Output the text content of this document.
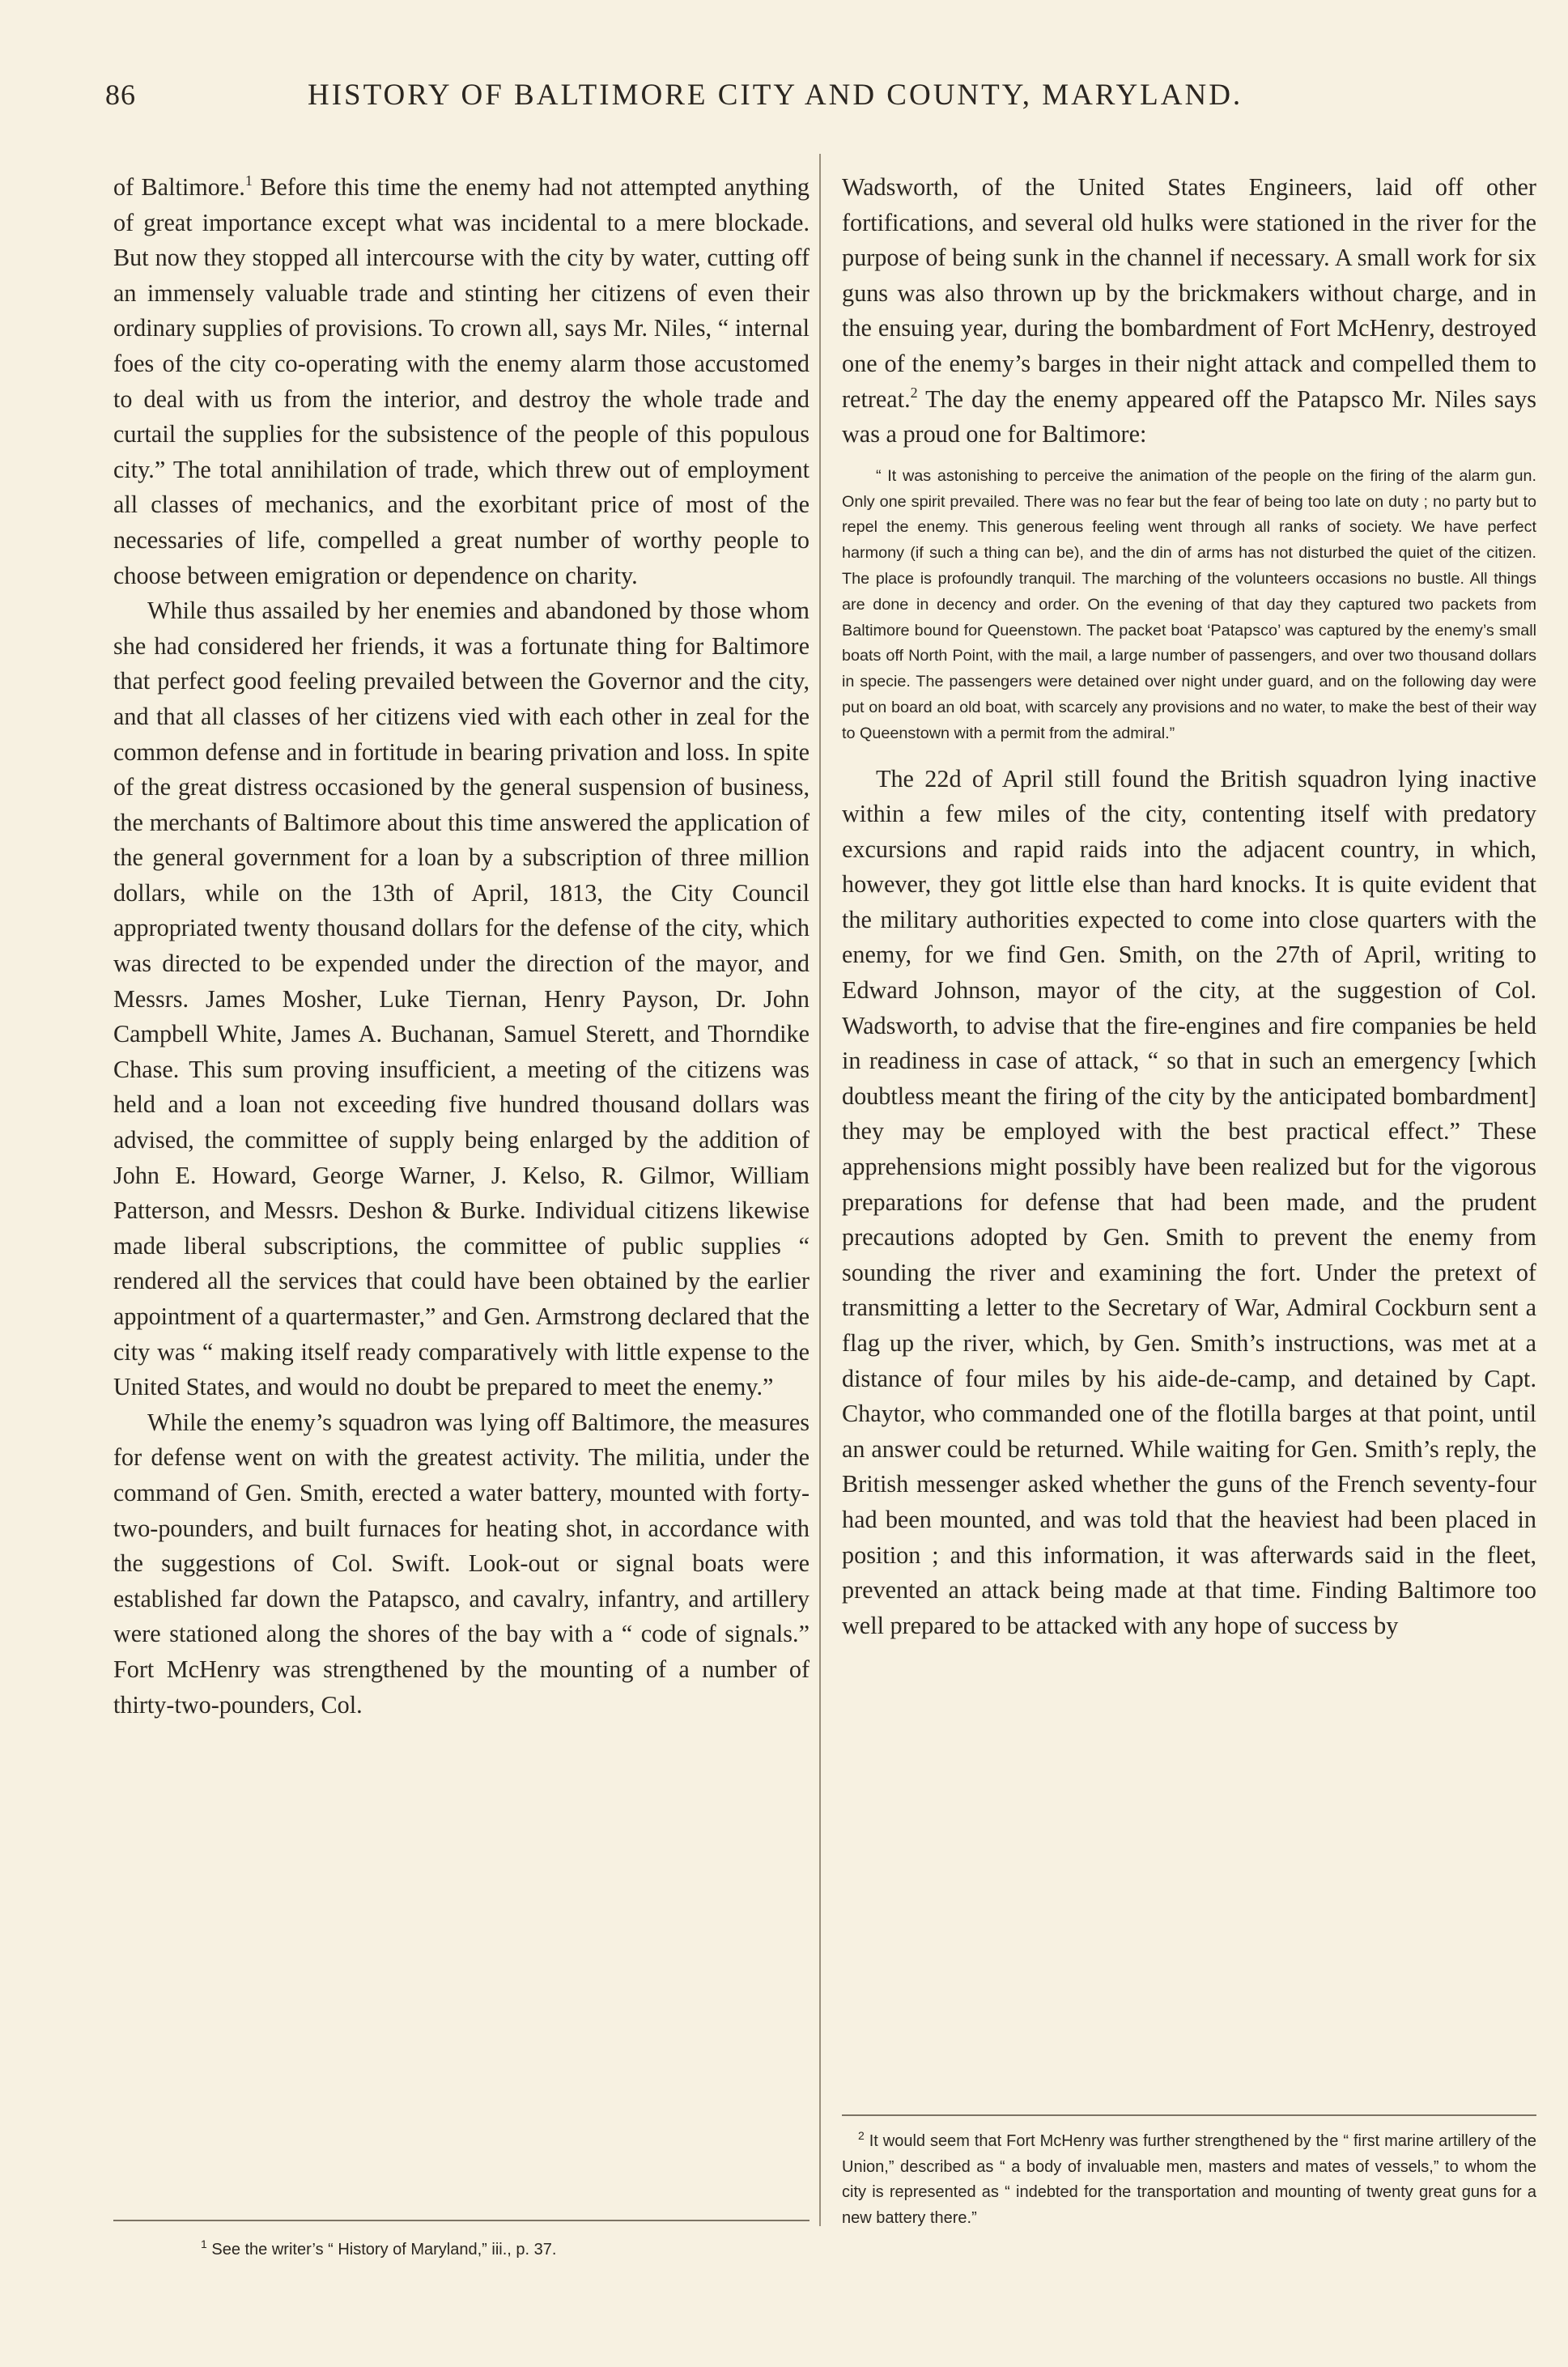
86	HISTORY OF BALTIMORE CITY AND COUNTY, MARYLAND.

of Baltimore.$^1$ Before this time the enemy had not attempted anything of great importance except what was incidental to a mere blockade. But now they stopped all intercourse with the city by water, cutting off an immensely valuable trade and stinting her citizens of even their ordinary supplies of provisions. To crown all, says Mr. Niles, “ internal foes of the city co-operating with the enemy alarm those accustomed to deal with us from the interior, and destroy the whole trade and curtail the supplies for the subsistence of the people of this populous city.” The total annihilation of trade, which threw out of employment all classes of mechanics, and the exorbitant price of most of the necessaries of life, compelled a great number of worthy people to choose between emigration or dependence on charity.

While thus assailed by her enemies and abandoned by those whom she had considered her friends, it was a fortunate thing for Baltimore that perfect good feeling prevailed between the Governor and the city, and that all classes of her citizens vied with each other in zeal for the common defense and in fortitude in bearing privation and loss. In spite of the great distress occasioned by the general suspension of business, the merchants of Baltimore about this time answered the application of the general government for a loan by a subscription of three million dollars, while on the 13th of April, 1813, the City Council appropriated twenty thousand dollars for the defense of the city, which was directed to be expended under the direction of the mayor, and Messrs. James Mosher, Luke Tiernan, Henry Payson, Dr. John Campbell White, James A. Buchanan, Samuel Sterett, and Thorndike Chase. This sum proving insufficient, a meeting of the citizens was held and a loan not exceeding five hundred thousand dollars was advised, the committee of supply being enlarged by the addition of John E. Howard, George Warner, J. Kelso, R. Gilmor, William Patterson, and Messrs. Deshon & Burke. Individual citizens likewise made liberal subscriptions, the committee of public supplies “ rendered all the services that could have been obtained by the earlier appointment of a quartermaster,” and Gen. Armstrong declared that the city was “ making itself ready comparatively with little expense to the United States, and would no doubt be prepared to meet the enemy.”

While the enemy’s squadron was lying off Baltimore, the measures for defense went on with the greatest activity. The militia, under the command of Gen. Smith, erected a water battery, mounted with forty-two-pounders, and built furnaces for heating shot, in accordance with the suggestions of Col. Swift. Look-out or signal boats were established far down the Patapsco, and cavalry, infantry, and artillery were stationed along the shores of the bay with a “ code of signals.” Fort McHenry was strengthened by the mounting of a number of thirty-two-pounders, Col.

Wadsworth, of the United States Engineers, laid off other fortifications, and several old hulks were stationed in the river for the purpose of being sunk in the channel if necessary. A small work for six guns was also thrown up by the brickmakers without charge, and in the ensuing year, during the bombardment of Fort McHenry, destroyed one of the enemy’s barges in their night attack and compelled them to retreat.$^2$ The day the enemy appeared off the Patapsco Mr. Niles says was a proud one for Baltimore:

“ It was astonishing to perceive the animation of the people on the firing of the alarm gun. Only one spirit prevailed. There was no fear but the fear of being too late on duty ; no party but to repel the enemy. This generous feeling went through all ranks of society. We have perfect harmony (if such a thing can be), and the din of arms has not disturbed the quiet of the citizen. The place is profoundly tranquil. The marching of the volunteers occasions no bustle. All things are done in decency and order. On the evening of that day they captured two packets from Baltimore bound for Queenstown. The packet boat ‘Patapsco’ was captured by the enemy’s small boats off North Point, with the mail, a large number of passengers, and over two thousand dollars in specie. The passengers were detained over night under guard, and on the following day were put on board an old boat, with scarcely any provisions and no water, to make the best of their way to Queenstown with a permit from the admiral.”

The 22d of April still found the British squadron lying inactive within a few miles of the city, contenting itself with predatory excursions and rapid raids into the adjacent country, in which, however, they got little else than hard knocks. It is quite evident that the military authorities expected to come into close quarters with the enemy, for we find Gen. Smith, on the 27th of April, writing to Edward Johnson, mayor of the city, at the suggestion of Col. Wadsworth, to advise that the fire-engines and fire companies be held in readiness in case of attack, “ so that in such an emergency [which doubtless meant the firing of the city by the anticipated bombardment] they may be employed with the best practical effect.” These apprehensions might possibly have been realized but for the vigorous preparations for defense that had been made, and the prudent precautions adopted by Gen. Smith to prevent the enemy from sounding the river and examining the fort. Under the pretext of transmitting a letter to the Secretary of War, Admiral Cockburn sent a flag up the river, which, by Gen. Smith’s instructions, was met at a distance of four miles by his aide-de-camp, and detained by Capt. Chaytor, who commanded one of the flotilla barges at that point, until an answer could be returned. While waiting for Gen. Smith’s reply, the British messenger asked whether the guns of the French seventy-four had been mounted, and was told that the heaviest had been placed in position ; and this information, it was afterwards said in the fleet, prevented an attack being made at that time. Finding Baltimore too well prepared to be attacked with any hope of success by

$^1$ See the writer’s “ History of Maryland,” iii., p. 37.
$^2$ It would seem that Fort McHenry was further strengthened by the “ first marine artillery of the Union,” described as “ a body of invaluable men, masters and mates of vessels,” to whom the city is represented as “ indebted for the transportation and mounting of twenty great guns for a new battery there.”
